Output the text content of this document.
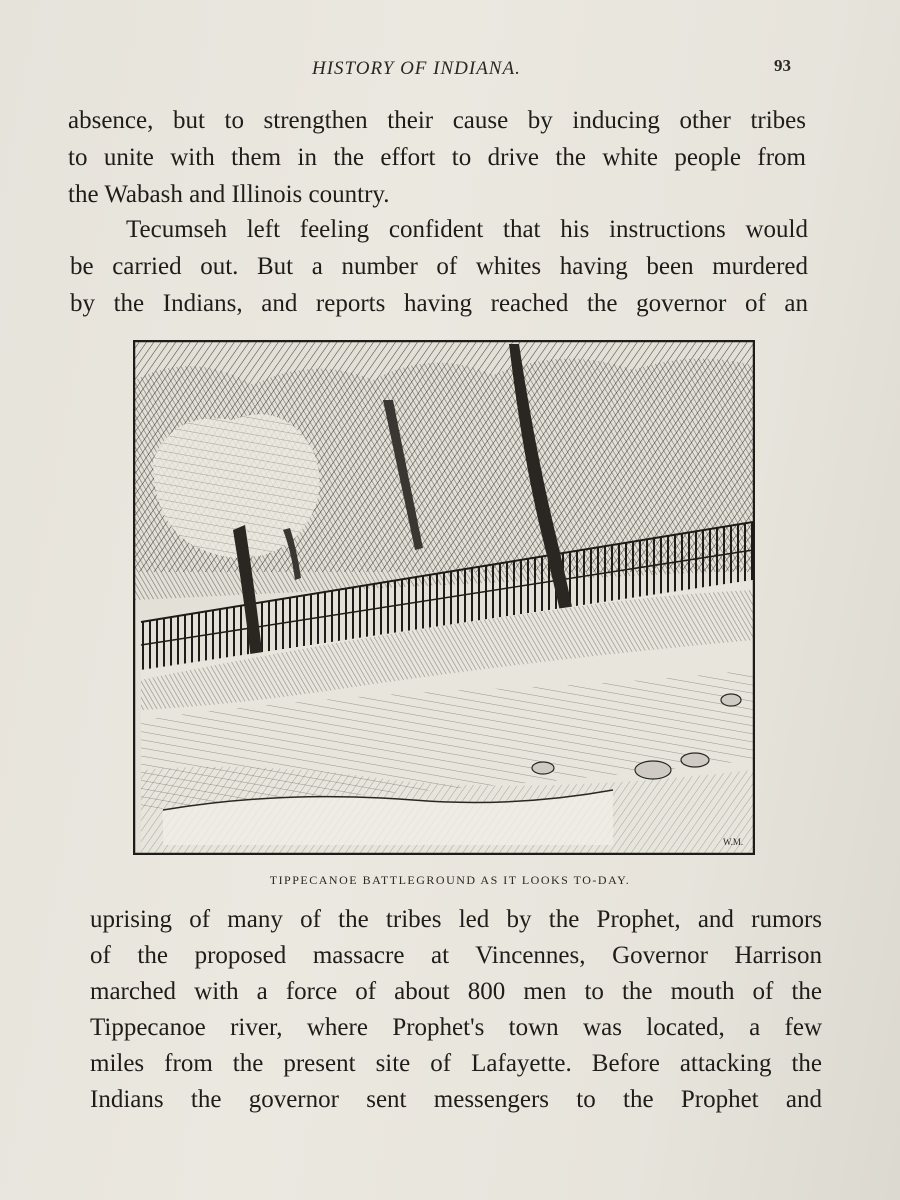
HISTORY OF INDIANA.	93
absence, but to strengthen their cause by inducing other tribes
to unite with them in the effort to drive the white people from
the Wabash and Illinois country.
Tecumseh left feeling confident that his instructions would
be carried out. But a number of whites having been murdered
by the Indians, and reports having reached the governor of an
W.M.
TIPPECANOE BATTLEGROUND AS IT LOOKS TO-DAY.
uprising of many of the tribes led by the Prophet, and rumors
of the proposed massacre at Vincennes, Governor Harrison
marched with a force of about 800 men to the mouth of the
Tippecanoe river, where Prophet's town was located, a few
miles from the present site of Lafayette. Before attacking the
Indians the governor sent messengers to the Prophet and
